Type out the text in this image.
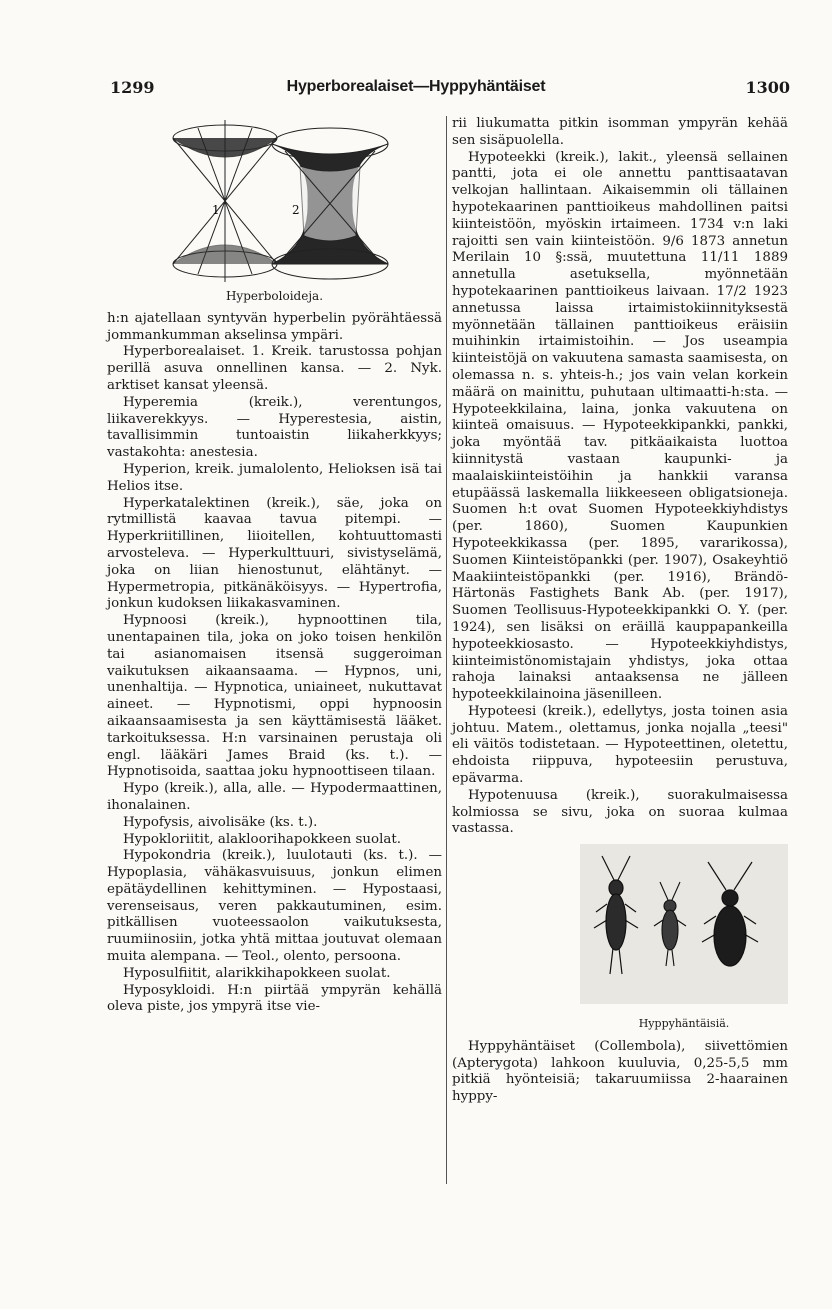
1299	Hyperborealaiset—Hyppyhäntäiset	1300
1	2
Hyperboloideja.

h:n ajatellaan syntyvän hyperbelin pyörähtäessä jommankumman akselinsa ympäri.

Hyperborealaiset. 1. Kreik. tarustossa pohjan perillä asuva onnellinen kansa. — 2. Nyk. arktiset kansat yleensä.

Hyperemia (kreik.), verentungos, liikaverekkyys. — Hyperestesia, aistin, tavallisimmin tuntoaistin liikaherkkyys; vastakohta: anestesia.

Hyperion, kreik. jumalolento, Helioksen isä tai Helios itse.

Hyperkatalektinen (kreik.), säe, joka on rytmillistä kaavaa tavua pitempi. — Hyperkriitillinen, liioitellen, kohtuuttomasti arvosteleva. — Hyperkulttuuri, sivistyselämä, joka on liian hienostunut, elähtänyt. — Hypermetropia, pitkänäköisyys. — Hypertrofia, jonkun kudoksen liikakasvaminen.

Hypnoosi (kreik.), hypnoottinen tila, unentapainen tila, joka on joko toisen henkilön tai asianomaisen itsensä suggeroiman vaikutuksen aikaansaama. — Hypnos, uni, unenhaltija. — Hypnotica, uniaineet, nukuttavat aineet. — Hypnotismi, oppi hypnoosin aikaansaamisesta ja sen käyttämisestä lääket. tarkoituksessa. H:n varsinainen perustaja oli engl. lääkäri James Braid (ks. t.). — Hypnotisoida, saattaa joku hypnoottiseen tilaan.

Hypo (kreik.), alla, alle. — Hypodermaattinen, ihonalainen.

Hypofysis, aivolisäke (ks. t.).

Hypokloriitit, alakloorihapokkeen suolat.

Hypokondria (kreik.), luulotauti (ks. t.). — Hypoplasia, vähäkasvuisuus, jonkun elimen epätäydellinen kehittyminen. — Hypostaasi, verenseisaus, veren pakkautuminen, esim. pitkällisen vuoteessaolon vaikutuksesta, ruumiinosiin, jotka yhtä mittaa joutuvat olemaan muita alempana. — Teol., olento, persoona.

Hyposulfiitit, alarikkihapokkeen suolat.

Hyposykloidi. H:n piirtää ympyrän kehällä oleva piste, jos ympyrä itse vie-

rii liukumatta pitkin isomman ympyrän kehää sen sisäpuolella.

Hypoteekki (kreik.), lakit., yleensä sellainen pantti, jota ei ole annettu panttisaatavan velkojan hallintaan. Aikaisemmin oli tällainen hypotekaarinen panttioikeus mahdollinen paitsi kiinteistöön, myöskin irtaimeen. 1734 v:n laki rajoitti sen vain kiinteistöön. 9/6 1873 annetun Merilain 10 §:ssä, muutettuna 11/11 1889 annetulla asetuksella, myönnetään hypotekaarinen panttioikeus laivaan. 17/2 1923 annetussa laissa irtaimistokiinnityksestä myönnetään tällainen panttioikeus eräisiin muihinkin irtaimistoihin. — Jos useampia kiinteistöjä on vakuutena samasta saamisesta, on olemassa n. s. yhteis-h.; jos vain velan korkein määrä on mainittu, puhutaan ultimaatti-h:sta. — Hypoteekkilaina, laina, jonka vakuutena on kiinteä omaisuus. — Hypoteekkipankki, pankki, joka myöntää tav. pitkäaikaista luottoa kiinnitystä vastaan kaupunki- ja maalaiskiinteistöihin ja hankkii varansa etupäässä laskemalla liikkeeseen obligatsioneja. Suomen h:t ovat Suomen Hypoteekkiyhdistys (per. 1860), Suomen Kaupunkien Hypoteekkikassa (per. 1895, vararikossa), Suomen Kiinteistöpankki (per. 1907), Osakeyhtiö Maakiinteistöpankki (per. 1916), Brändö-Härtonäs Fastighets Bank Ab. (per. 1917), Suomen Teollisuus-Hypoteekkipankki O. Y. (per. 1924), sen lisäksi on eräillä kauppapankeilla hypoteekkiosasto. — Hypoteekkiyhdistys, kiinteimistönomistajain yhdistys, joka ottaa rahoja lainaksi antaaksensa ne jälleen hypoteekkilainoina jäsenilleen.

Hypoteesi (kreik.), edellytys, josta toinen asia johtuu. Matem., olettamus, jonka nojalla „teesi" eli väitös todistetaan. — Hypoteettinen, oletettu, ehdoista riippuva, hypoteesiin perustuva, epävarma.

Hypotenuusa (kreik.), suorakulmaisessa kolmiossa se sivu, joka on suoraa kulmaa vastassa.

Hyppyhäntäisiä.

Hyppyhäntäiset (Collembola), siivettömien (Apterygota) lahkoon kuuluvia, 0,25-5,5 mm pitkiä hyönteisiä; takaruumiissa 2-haarainen hyppy-
